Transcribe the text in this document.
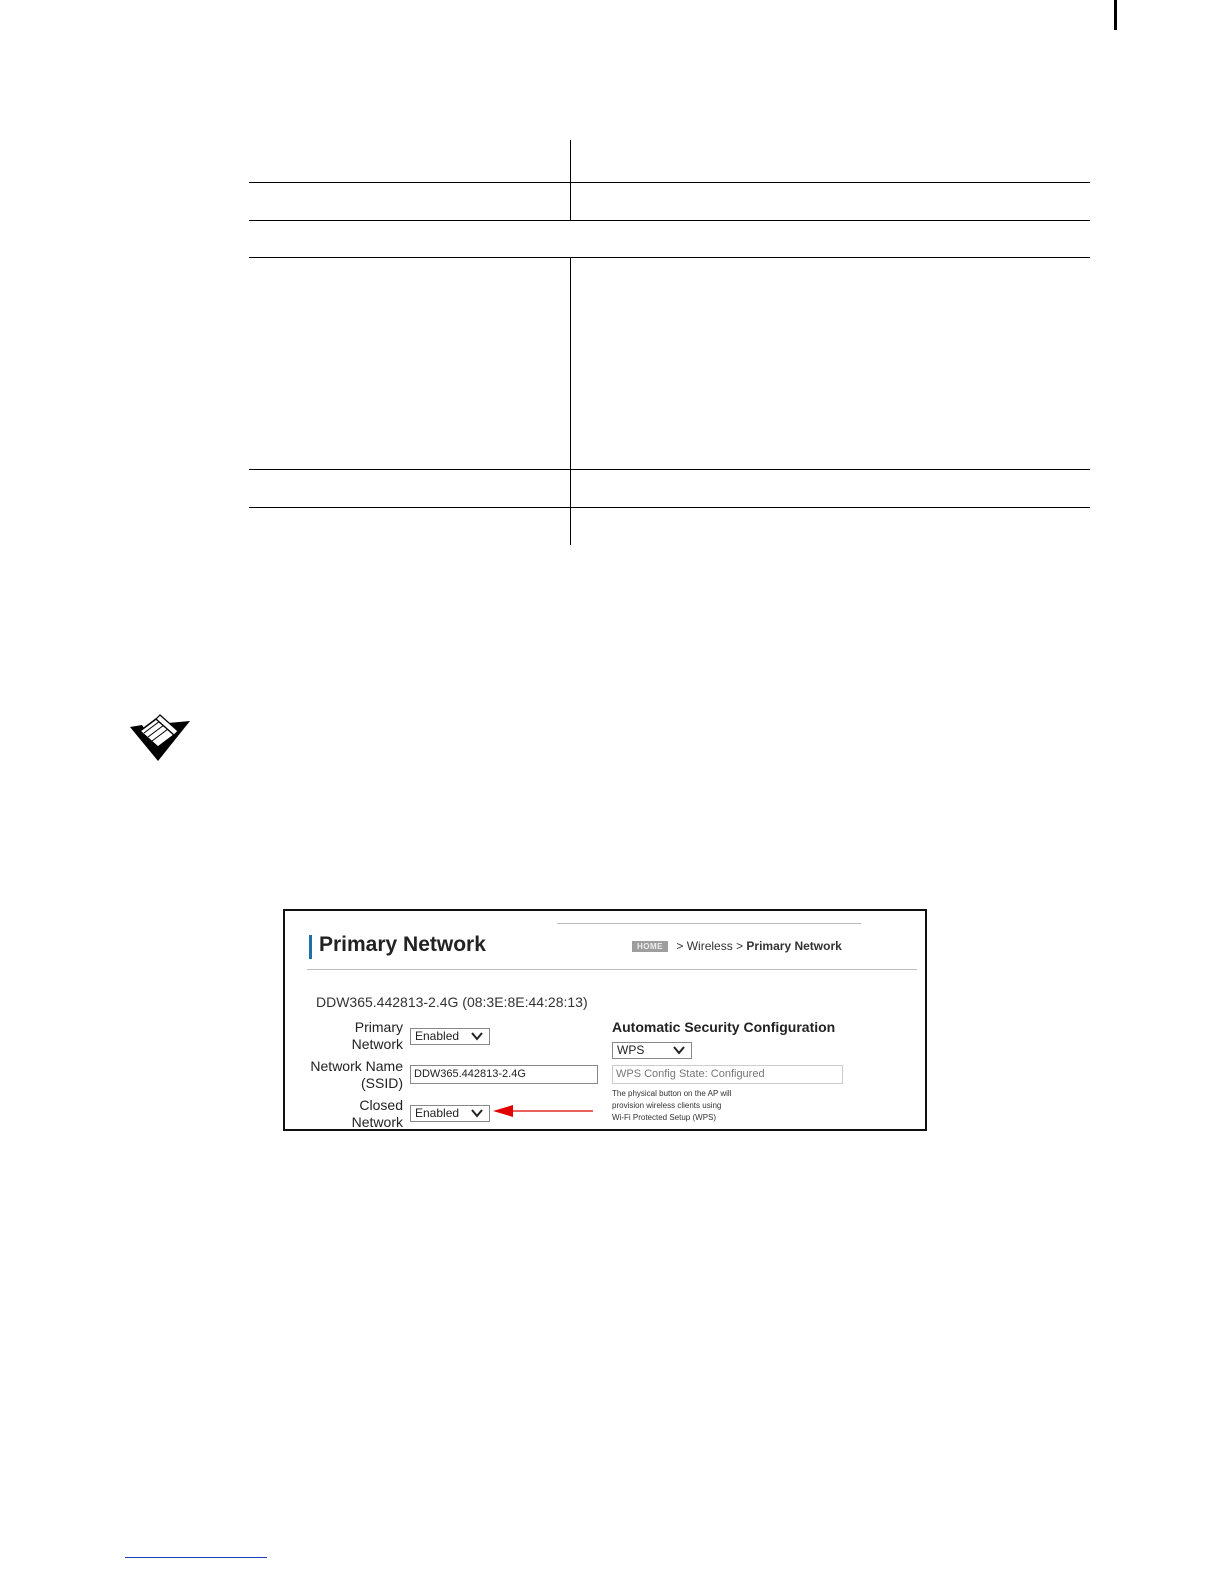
Primary Network	HOME > Wireless > Primary Network
DDW365.442813-2.4G (08:3E:8E:44:28:13)
Primary
Network	Enabled
Network Name
(SSID)
DDW365.442813-2.4G
Closed
Network
Enabled
Automatic Security Configuration
WPS
WPS Config State: Configured
The physical button on the AP will
provision wireless clients using
Wi-Fi Protected Setup (WPS)
